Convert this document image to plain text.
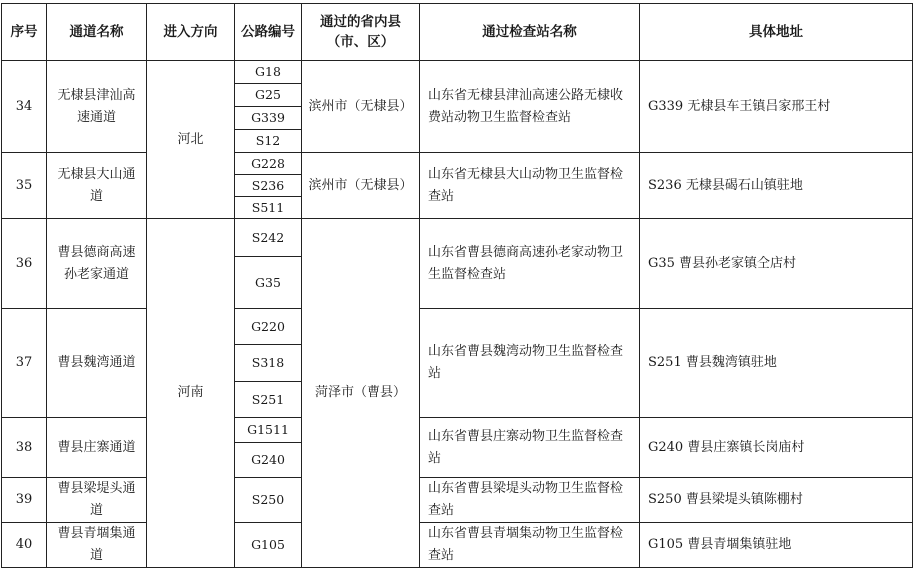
序号	通道名称	进入方向	公路编号	通过的省内县（市、区）	通过检查站名称	具体地址
34	无棣县津汕高速通道	河北	G18	滨州市（无棣县）	山东省无棣县津汕高速公路无棣收费站动物卫生监督检查站	G339 无棣县车王镇吕家邢王村
			G25			
			G339			
			S12			
35	无棣县大山通道		G228	滨州市（无棣县）	山东省无棣县大山动物卫生监督检查站	S236 无棣县碣石山镇驻地
			S236			
			S511			
36	曹县德商高速孙老家通道	河南	S242	菏泽市（曹县）	山东省曹县德商高速孙老家动物卫生监督检查站	G35 曹县孙老家镇仝店村
			G35			
37	曹县魏湾通道		G220		山东省曹县魏湾动物卫生监督检查站	S251 曹县魏湾镇驻地
			S318			
			S251			
38	曹县庄寨通道		G1511		山东省曹县庄寨动物卫生监督检查站	G240 曹县庄寨镇长岗庙村
			G240			
39	曹县梁堤头通道		S250		山东省曹县梁堤头动物卫生监督检查站	S250 曹县梁堤头镇陈棚村
40	曹县青堌集通道		G105		山东省曹县青堌集动物卫生监督检查站	G105 曹县青堌集镇驻地
